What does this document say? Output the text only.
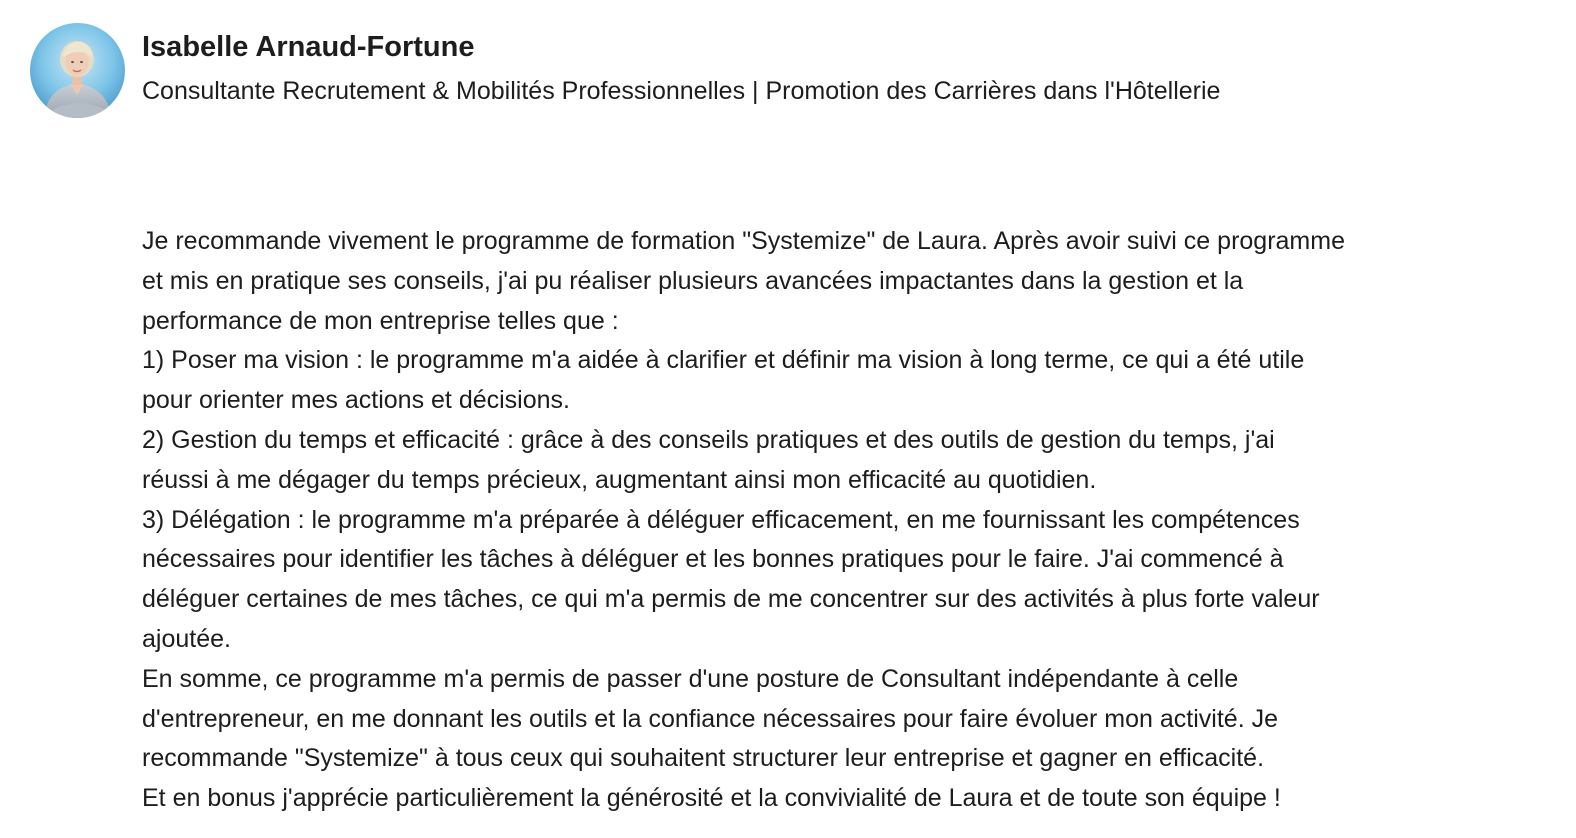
Isabelle Arnaud-Fortune
Consultante Recrutement & Mobilités Professionnelles | Promotion des Carrières dans l'Hôtellerie
Je recommande vivement le programme de formation "Systemize" de Laura. Après avoir suivi ce programme
et mis en pratique ses conseils, j'ai pu réaliser plusieurs avancées impactantes dans la gestion et la
performance de mon entreprise telles que :
1) Poser ma vision : le programme m'a aidée à clarifier et définir ma vision à long terme, ce qui a été utile
pour orienter mes actions et décisions.
2) Gestion du temps et efficacité : grâce à des conseils pratiques et des outils de gestion du temps, j'ai
réussi à me dégager du temps précieux, augmentant ainsi mon efficacité au quotidien.
3) Délégation : le programme m'a préparée à déléguer efficacement, en me fournissant les compétences
nécessaires pour identifier les tâches à déléguer et les bonnes pratiques pour le faire. J'ai commencé à
déléguer certaines de mes tâches, ce qui m'a permis de me concentrer sur des activités à plus forte valeur
ajoutée.
En somme, ce programme m'a permis de passer d'une posture de Consultant indépendante à celle
d'entrepreneur, en me donnant les outils et la confiance nécessaires pour faire évoluer mon activité. Je
recommande "Systemize" à tous ceux qui souhaitent structurer leur entreprise et gagner en efficacité.
Et en bonus j'apprécie particulièrement la générosité et la convivialité de Laura et de toute son équipe !
